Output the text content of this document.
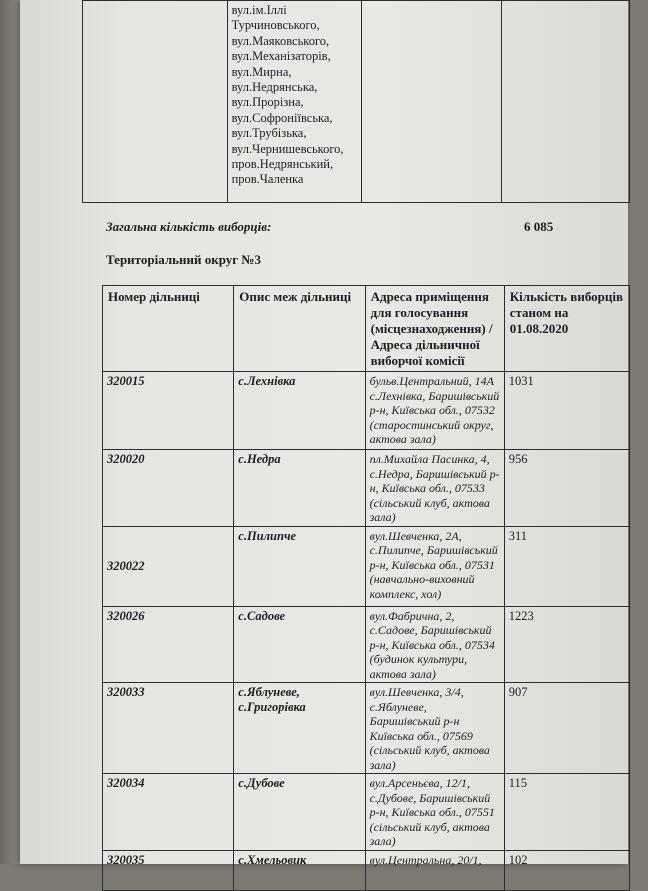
	вул.ім.Іллі
Турчиновського,
вул.Маяковського,
вул.Механізаторів,
вул.Мирна,
вул.Недрянська,
вул.Прорізна,
вул.Софроніївська,
вул.Трубізька,
вул.Чернишевського,
пров.Недрянський,
пров.Чаленка		
Загальна кількість виборців:	6 085
Територіальний округ №3
Номер дільниці	Опис меж дільниці	Адреса приміщення для голосування (місцезнаходження) / Адреса дільничної виборчої комісії	Кількість виборців станом на 01.08.2020
320015	с.Лехнівка	бульв.Центральний, 14А с.Лехнівка, Баришівський р-н, Київська обл., 07532 (старостинський округ, актова зала)	1031
320020	с.Недра	пл.Михайла Пасинка, 4, с.Недра, Баришівський р-н, Київська обл., 07533 (сільський клуб, актова зала)	956
320022	с.Пилипче	вул.Шевченка, 2А, с.Пилипче, Баришівський р-н, Київська обл., 07531 (навчально-виховний комплекс, хол)	311
320026	с.Садове	вул.Фабрична, 2, с.Садове, Баришівський р-н, Київська обл., 07534 (будинок культури, актова зала)	1223
320033	с.Яблуневе, с.Григорівка	вул.Шевченка, 3/4, с.Яблуневе, Баришівський р-н Київська обл., 07569 (сільський клуб, актова зала)	907
320034	с.Дубове	вул.Арсеньєва, 12/1, с.Дубове, Баришівський р-н, Київська обл., 07551 (сільський клуб, актова зала)	115
320035	с.Хмельовик	вул.Центральна, 20/1,	102
